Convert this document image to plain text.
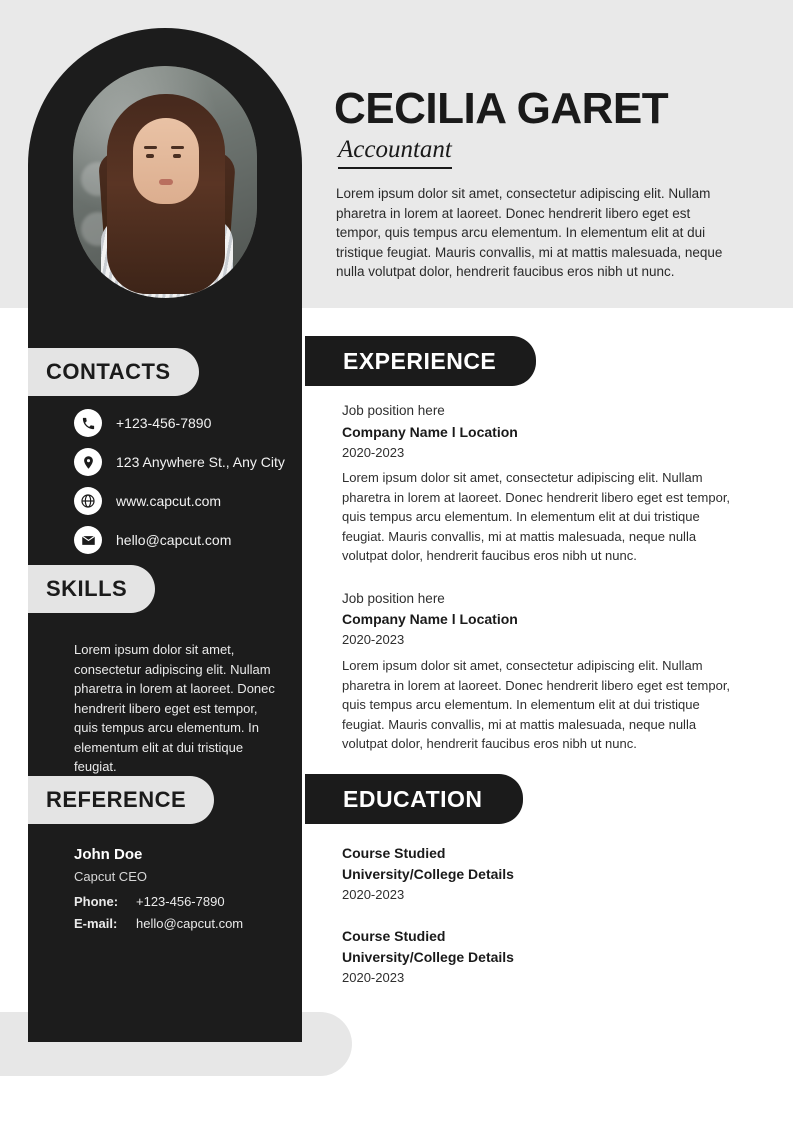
CONTACTS
+123-456-7890
123 Anywhere St., Any City
www.capcut.com
hello@capcut.com
SKILLS
Lorem ipsum dolor sit amet, consectetur adipiscing elit. Nullam pharetra in lorem at laoreet. Donec hendrerit libero eget est tempor, quis tempus arcu elementum. In elementum elit at dui tristique feugiat.
REFERENCE
John Doe
Capcut CEO
Phone:	+123-456-7890
E-mail:	hello@capcut.com
CECILIA GARET
Accountant
Lorem ipsum dolor sit amet, consectetur adipiscing elit. Nullam pharetra in lorem at laoreet. Donec hendrerit libero eget est tempor, quis tempus arcu elementum. In elementum elit at dui tristique feugiat. Mauris convallis, mi at mattis malesuada, neque nulla volutpat dolor, hendrerit faucibus eros nibh ut nunc.
EXPERIENCE
Job position here
Company Name l Location
2020-2023
Lorem ipsum dolor sit amet, consectetur adipiscing elit. Nullam pharetra in lorem at laoreet. Donec hendrerit libero eget est tempor, quis tempus arcu elementum. In elementum elit at dui tristique feugiat. Mauris convallis, mi at mattis malesuada, neque nulla volutpat dolor, hendrerit faucibus eros nibh ut nunc.
Job position here
Company Name l Location
2020-2023
Lorem ipsum dolor sit amet, consectetur adipiscing elit. Nullam pharetra in lorem at laoreet. Donec hendrerit libero eget est tempor, quis tempus arcu elementum. In elementum elit at dui tristique feugiat. Mauris convallis, mi at mattis malesuada, neque nulla volutpat dolor, hendrerit faucibus eros nibh ut nunc.
EDUCATION
Course Studied
University/College Details
2020-2023
Course Studied
University/College Details
2020-2023
